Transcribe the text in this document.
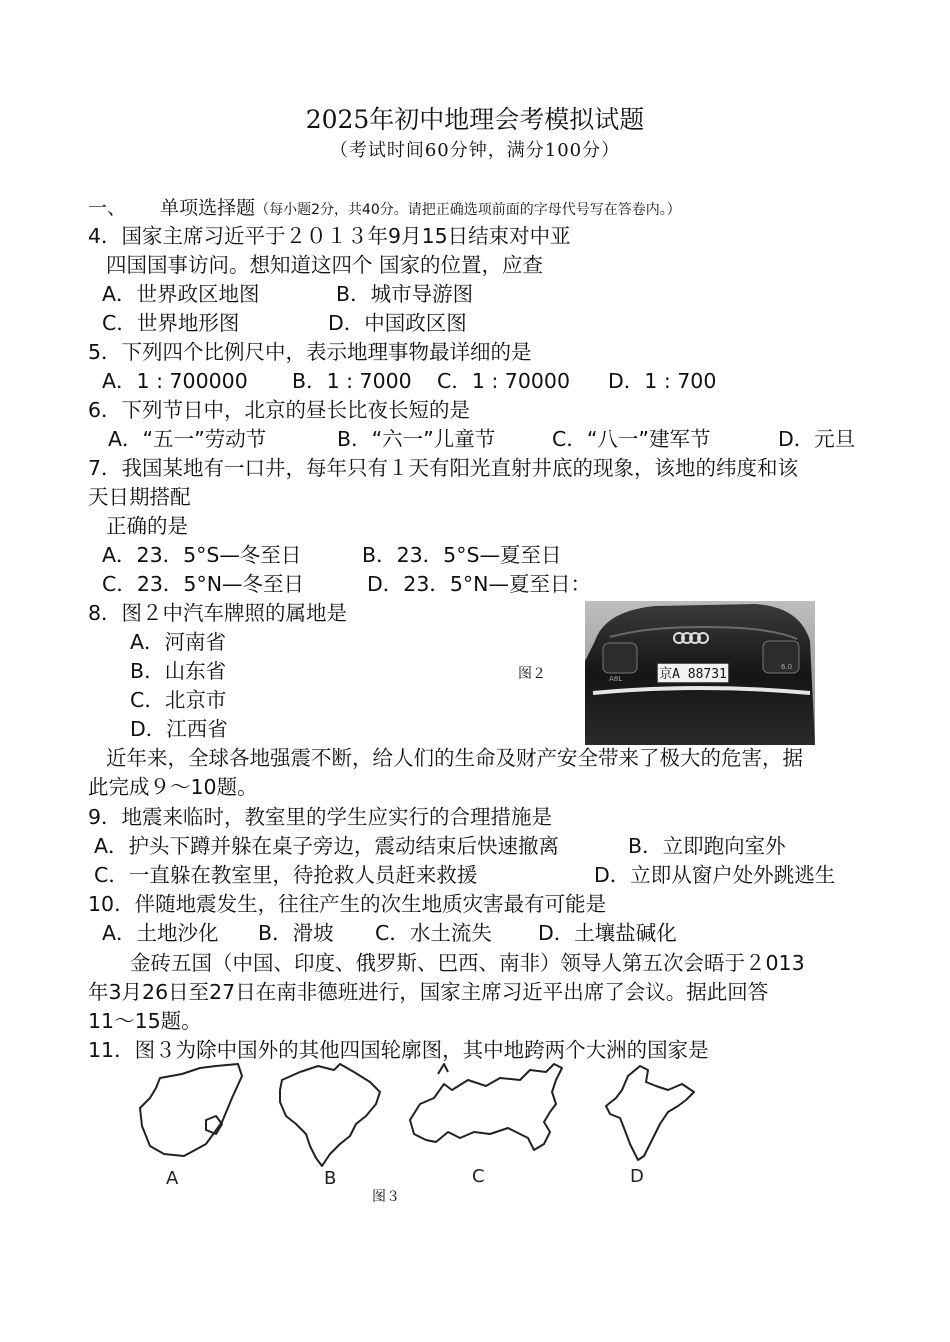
2025年初中地理会考模拟试题
（考试时间60分钟，满分100分）
一、 单项选择题（每小题2分，共40分。请把正确选项前面的字母代号写在答卷内。）
4．国家主席习近平于２０１３年9月15日结束对中亚
四国国事访问。想知道这四个 国家的位置，应查
A．世界政区地图	B．城市导游图
C．世界地形图	D．中国政区图
5．下列四个比例尺中，表示地理事物最详细的是
A．1 : 700000 B．1 : 7000 C．1 : 70000 D．1 : 700
6．下列节日中，北京的昼长比夜长短的是
A．“五一”劳动节	B．“六一”儿童节	C．“八一”建军节	D．元旦
7．我国某地有一口井，每年只有１天有阳光直射井底的现象，该地的纬度和该
天日期搭配
正确的是
A．23．5°S—冬至日	B．23．5°S—夏至日
C．23．5°N—冬至日	D．23．5°N—夏至日：
8．图２中汽车牌照的属地是
A．河南省
B．山东省
C．北京市
D．江西省
图２	京A 88731
A8L
6.0
近年来，全球各地强震不断，给人们的生命及财产安全带来了极大的危害，据
此完成９～10题。
9．地震来临时，教室里的学生应实行的合理措施是
A．护头下蹲并躲在桌子旁边，震动结束后快速撤离	B．立即跑向室外
C．一直躲在教室里，待抢救人员赶来救援	D．立即从窗户处外跳逃生
10．伴随地震发生，往往产生的次生地质灾害最有可能是
A．土地沙化 B．滑坡 C．水土流失 D．土壤盐碱化
金砖五国（中国、印度、俄罗斯、巴西、南非）领导人第五次会晤于２013
年3月26日至27日在南非德班进行，国家主席习近平出席了会议。据此回答
11～15题。
11．图３为除中国外的其他四国轮廓图，其中地跨两个大洲的国家是
A	B	C	D
图３
